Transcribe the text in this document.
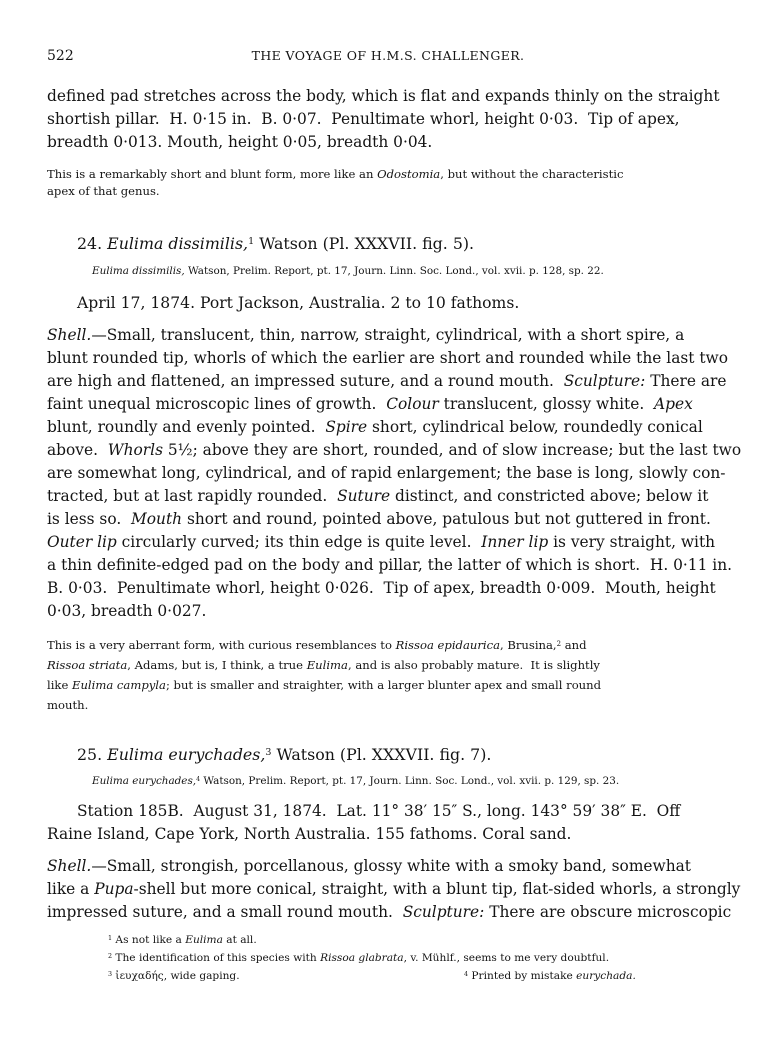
522	THE VOYAGE OF H.M.S. CHALLENGER.
defined pad stretches across the body, which is flat and expands thinly on the straight
shortish pillar.  H. 0·15 in.  B. 0·07.  Penultimate whorl, height 0·03.  Tip of apex,
breadth 0·013. Mouth, height 0·05, breadth 0·04.
This is a remarkably short and blunt form, more like an Odostomia, but without the characteristic
apex of that genus.
24. Eulima dissimilis,$^1$ Watson (Pl. XXXVII. fig. 5).
Eulima dissimilis, Watson, Prelim. Report, pt. 17, Journ. Linn. Soc. Lond., vol. xvii. p. 128, sp. 22.
April 17, 1874. Port Jackson, Australia. 2 to 10 fathoms.
Shell.—Small, translucent, thin, narrow, straight, cylindrical, with a short spire, a
blunt rounded tip, whorls of which the earlier are short and rounded while the last two
are high and flattened, an impressed suture, and a round mouth. Sculpture: There are
faint unequal microscopic lines of growth. Colour translucent, glossy white. Apex
blunt, roundly and evenly pointed. Spire short, cylindrical below, roundedly conical
above. Whorls 5½; above they are short, rounded, and of slow increase; but the last two
are somewhat long, cylindrical, and of rapid enlargement; the base is long, slowly con-
tracted, but at last rapidly rounded. Suture distinct, and constricted above; below it
is less so. Mouth short and round, pointed above, patulous but not guttered in front.
Outer lip circularly curved; its thin edge is quite level. Inner lip is very straight, with
a thin definite-edged pad on the body and pillar, the latter of which is short.  H. 0·11 in.
B. 0·03.  Penultimate whorl, height 0·026.  Tip of apex, breadth 0·009.  Mouth, height
0·03, breadth 0·027.
This is a very aberrant form, with curious resemblances to Rissoa epidaurica, Brusina,$^2$ and
Rissoa striata, Adams, but is, I think, a true Eulima, and is also probably mature.  It is slightly
like Eulima campyla; but is smaller and straighter, with a larger blunter apex and small round
mouth.
25. Eulima eurychades,$^3$ Watson (Pl. XXXVII. fig. 7).
Eulima eurychades,$^4$ Watson, Prelim. Report, pt. 17, Journ. Linn. Soc. Lond., vol. xvii. p. 129, sp. 23.
Station 185B.  August 31, 1874.  Lat. 11° 38′ 15″ S., long. 143° 59′ 38″ E.  Off
Raine Island, Cape York, North Australia. 155 fathoms. Coral sand.
Shell.—Small, strongish, porcellanous, glossy white with a smoky band, somewhat
like a Pupa-shell but more conical, straight, with a blunt tip, flat-sided whorls, a strongly
impressed suture, and a small round mouth. Sculpture: There are obscure microscopic
$^1$ As not like a Eulima at all.
$^2$ The identification of this species with Rissoa glabrata, v. Mühlf., seems to me very doubtful.
$^3$ ἰευχαδής, wide gaping.	$^4$ Printed by mistake eurychada.
